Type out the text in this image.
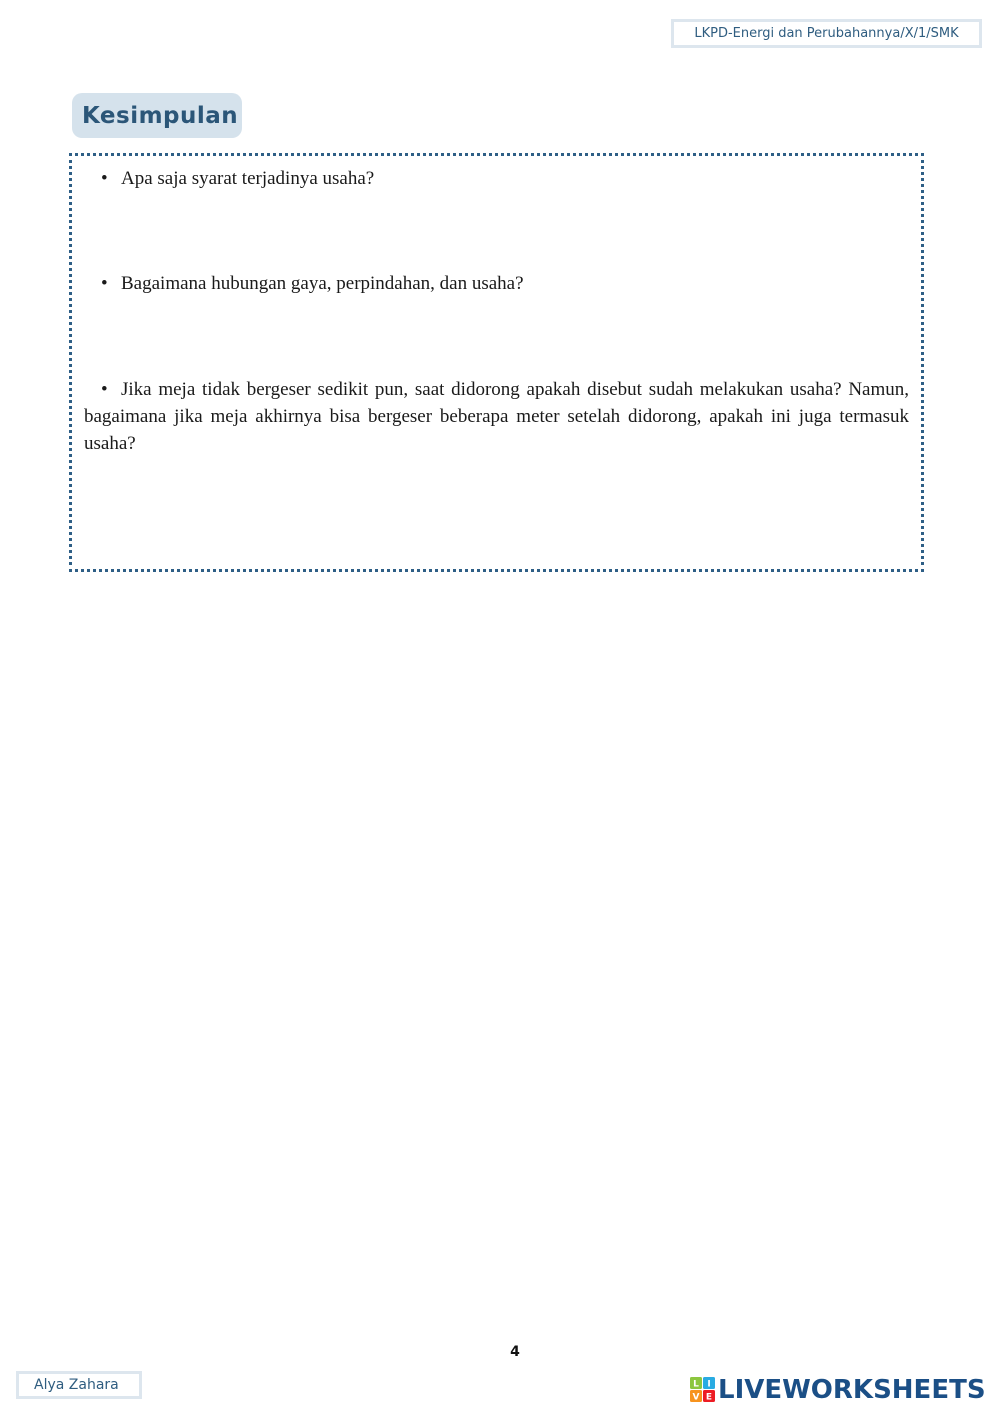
LKPD-Energi dan Perubahannya/X/1/SMK
Kesimpulan
• Apa saja syarat terjadinya usaha?
• Bagaimana hubungan gaya, perpindahan, dan usaha?
• Jika meja tidak bergeser sedikit pun, saat didorong apakah disebut sudah melakukan usaha? Namun, bagaimana jika meja akhirnya bisa bergeser beberapa meter setelah didorong, apakah ini juga termasuk usaha?
4
Alya Zahara	L I
V E LIVEWORKSHEETS
